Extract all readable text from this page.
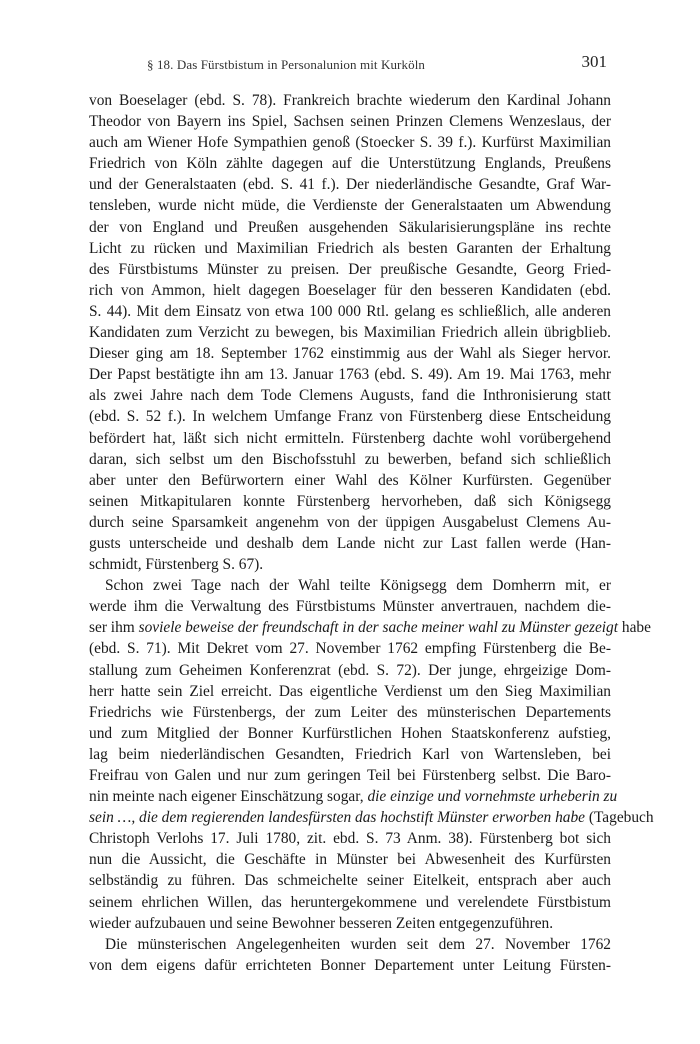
§ 18. Das Fürstbistum in Personalunion mit Kurköln	301
von Boeselager (ebd. S. 78). Frankreich brachte wiederum den Kardinal Johann
Theodor von Bayern ins Spiel, Sachsen seinen Prinzen Clemens Wenzeslaus, der
auch am Wiener Hofe Sympathien genoß (Stoecker S. 39 f.). Kurfürst Maximilian
Friedrich von Köln zählte dagegen auf die Unterstützung Englands, Preußens
und der Generalstaaten (ebd. S. 41 f.). Der niederländische Gesandte, Graf War-
tensleben, wurde nicht müde, die Verdienste der Generalstaaten um Abwendung
der von England und Preußen ausgehenden Säkularisierungspläne ins rechte
Licht zu rücken und Maximilian Friedrich als besten Garanten der Erhaltung
des Fürstbistums Münster zu preisen. Der preußische Gesandte, Georg Fried-
rich von Ammon, hielt dagegen Boeselager für den besseren Kandidaten (ebd.
S. 44). Mit dem Einsatz von etwa 100 000 Rtl. gelang es schließlich, alle anderen
Kandidaten zum Verzicht zu bewegen, bis Maximilian Friedrich allein übrigblieb.
Dieser ging am 18. September 1762 einstimmig aus der Wahl als Sieger hervor.
Der Papst bestätigte ihn am 13. Januar 1763 (ebd. S. 49). Am 19. Mai 1763, mehr
als zwei Jahre nach dem Tode Clemens Augusts, fand die Inthronisierung statt
(ebd. S. 52 f.). In welchem Umfange Franz von Fürstenberg diese Entscheidung
befördert hat, läßt sich nicht ermitteln. Fürstenberg dachte wohl vorübergehend
daran, sich selbst um den Bischofsstuhl zu bewerben, befand sich schließlich
aber unter den Befürwortern einer Wahl des Kölner Kurfürsten. Gegenüber
seinen Mitkapitularen konnte Fürstenberg hervorheben, daß sich Königsegg
durch seine Sparsamkeit angenehm von der üppigen Ausgabelust Clemens Au-
gusts unterscheide und deshalb dem Lande nicht zur Last fallen werde (Han-
schmidt, Fürstenberg S. 67).
Schon zwei Tage nach der Wahl teilte Königsegg dem Domherrn mit, er
werde ihm die Verwaltung des Fürstbistums Münster anvertrauen, nachdem die-
ser ihm soviele beweise der freundschaft in der sache meiner wahl zu Münster gezeigt habe
(ebd. S. 71). Mit Dekret vom 27. November 1762 empfing Fürstenberg die Be-
stallung zum Geheimen Konferenzrat (ebd. S. 72). Der junge, ehrgeizige Dom-
herr hatte sein Ziel erreicht. Das eigentliche Verdienst um den Sieg Maximilian
Friedrichs wie Fürstenbergs, der zum Leiter des münsterischen Departements
und zum Mitglied der Bonner Kurfürstlichen Hohen Staatskonferenz aufstieg,
lag beim niederländischen Gesandten, Friedrich Karl von Wartensleben, bei
Freifrau von Galen und nur zum geringen Teil bei Fürstenberg selbst. Die Baro-
nin meinte nach eigener Einschätzung sogar, die einzige und vornehmste urheberin zu
sein …, die dem regierenden landesfürsten das hochstift Münster erworben habe (Tagebuch
Christoph Verlohs 17. Juli 1780, zit. ebd. S. 73 Anm. 38). Fürstenberg bot sich
nun die Aussicht, die Geschäfte in Münster bei Abwesenheit des Kurfürsten
selbständig zu führen. Das schmeichelte seiner Eitelkeit, entsprach aber auch
seinem ehrlichen Willen, das heruntergekommene und verelendete Fürstbistum
wieder aufzubauen und seine Bewohner besseren Zeiten entgegenzuführen.
Die münsterischen Angelegenheiten wurden seit dem 27. November 1762
von dem eigens dafür errichteten Bonner Departement unter Leitung Fürsten-
